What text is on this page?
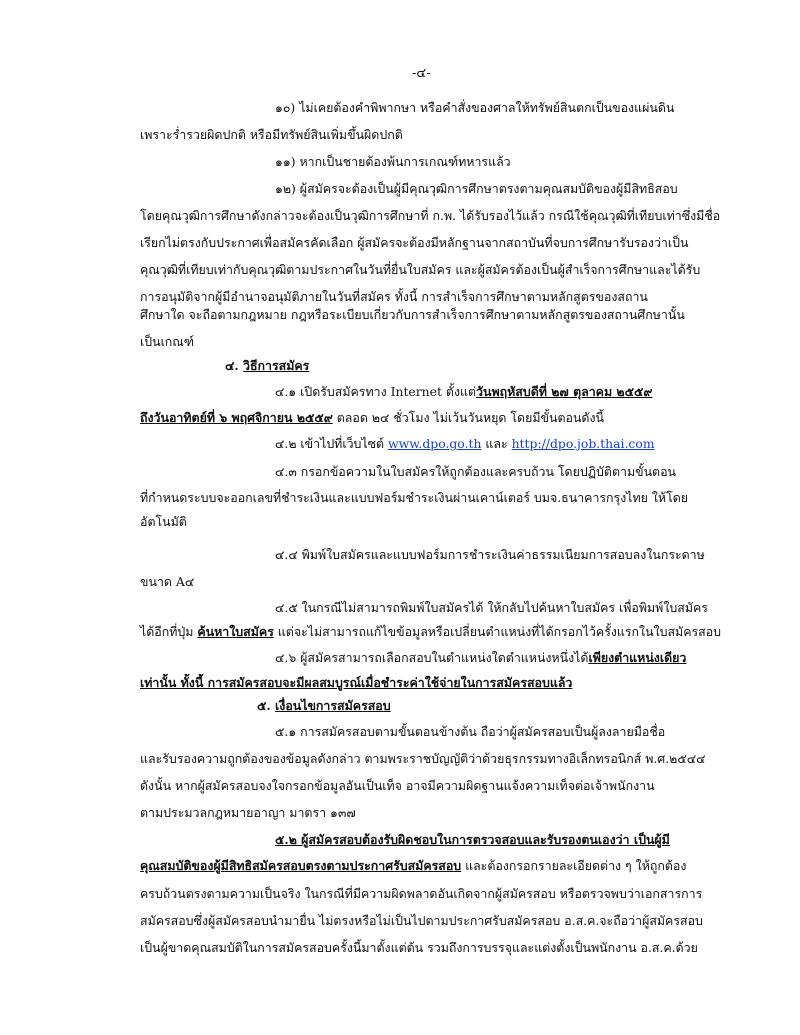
-๔-
๑๐) ไม่เคยต้องคำพิพากษา หรือคำสั่งของศาลให้ทรัพย์สินตกเป็นของแผ่นดิน
เพราะร่ำรวยผิดปกติ หรือมีทรัพย์สินเพิ่มขึ้นผิดปกติ
๑๑) หากเป็นชายต้องพ้นการเกณฑ์ทหารแล้ว
๑๒) ผู้สมัครจะต้องเป็นผู้มีคุณวุฒิการศึกษาตรงตามคุณสมบัติของผู้มีสิทธิสอบ
โดยคุณวุฒิการศึกษาดังกล่าวจะต้องเป็นวุฒิการศึกษาที่ ก.พ. ได้รับรองไว้แล้ว กรณีใช้คุณวุฒิที่เทียบเท่าซึ่งมีชื่อ
เรียกไม่ตรงกับประกาศเพื่อสมัครคัดเลือก ผู้สมัครจะต้องมีหลักฐานจากสถาบันที่จบการศึกษารับรองว่าเป็น
คุณวุฒิที่เทียบเท่ากับคุณวุฒิตามประกาศในวันที่ยื่นใบสมัคร และผู้สมัครต้องเป็นผู้สำเร็จการศึกษาและได้รับ
การอนุมัติจากผู้มีอำนาจอนุมัติภายในวันที่สมัคร ทั้งนี้ การสำเร็จการศึกษาตามหลักสูตรของสถาน
ศึกษาใด จะถือตามกฎหมาย กฎหรือระเบียบเกี่ยวกับการสำเร็จการศึกษาตามหลักสูตรของสถานศึกษานั้น
เป็นเกณฑ์
๔. วิธีการสมัคร
๔.๑ เปิดรับสมัครทาง Internet ตั้งแต่วันพฤหัสบดีที่ ๒๗ ตุลาคม ๒๕๕๙
ถึงวันอาทิตย์ที่ ๖ พฤศจิกายน ๒๕๕๙ ตลอด ๒๔ ชั่วโมง ไม่เว้นวันหยุด โดยมีขั้นตอนดังนี้
๔.๒ เข้าไปที่เว็บไซต์ www.dpo.go.th และ http://dpo.job.thai.com
๔.๓ กรอกข้อความในใบสมัครให้ถูกต้องและครบถ้วน โดยปฏิบัติตามขั้นตอน
ที่กำหนดระบบจะออกเลขที่ชำระเงินและแบบฟอร์มชำระเงินผ่านเคาน์เตอร์ บมจ.ธนาคารกรุงไทย ให้โดย
อัตโนมัติ
๔.๔ พิมพ์ใบสมัครและแบบฟอร์มการชำระเงินค่าธรรมเนียมการสอบลงในกระดาษ
ขนาด A๔
๔.๕ ในกรณีไม่สามารถพิมพ์ใบสมัครได้ ให้กลับไปค้นหาใบสมัคร เพื่อพิมพ์ใบสมัคร
ได้อีกที่ปุ่ม ค้นหาใบสมัคร แต่จะไม่สามารถแก้ไขข้อมูลหรือเปลี่ยนตำแหน่งที่ได้กรอกไว้ครั้งแรกในใบสมัครสอบ
๔.๖ ผู้สมัครสามารถเลือกสอบในตำแหน่งใดตำแหน่งหนึ่งได้เพียงตำแหน่งเดียว
เท่านั้น ทั้งนี้ การสมัครสอบจะมีผลสมบูรณ์เมื่อชำระค่าใช้จ่ายในการสมัครสอบแล้ว
๕. เงื่อนไขการสมัครสอบ
๕.๑ การสมัครสอบตามขั้นตอนข้างต้น ถือว่าผู้สมัครสอบเป็นผู้ลงลายมือชื่อ
และรับรองความถูกต้องของข้อมูลดังกล่าว ตามพระราชบัญญัติว่าด้วยธุรกรรมทางอิเล็กทรอนิกส์ พ.ศ.๒๕๔๔
ดังนั้น หากผู้สมัครสอบจงใจกรอกข้อมูลอันเป็นเท็จ อาจมีความผิดฐานแจ้งความเท็จต่อเจ้าพนักงาน
ตามประมวลกฎหมายอาญา มาตรา ๑๓๗
๕.๒ ผู้สมัครสอบต้องรับผิดชอบในการตรวจสอบและรับรองตนเองว่า เป็นผู้มี
คุณสมบัติของผู้มีสิทธิสมัครสอบตรงตามประกาศรับสมัครสอบ และต้องกรอกรายละเอียดต่าง ๆ ให้ถูกต้อง
ครบถ้วนตรงตามความเป็นจริง ในกรณีที่มีความผิดพลาดอันเกิดจากผู้สมัครสอบ หรือตรวจพบว่าเอกสารการ
สมัครสอบซึ่งผู้สมัครสอบนำมายื่น ไม่ตรงหรือไม่เป็นไปตามประกาศรับสมัครสอบ อ.ส.ค.จะถือว่าผู้สมัครสอบ
เป็นผู้ขาดคุณสมบัติในการสมัครสอบครั้งนี้มาตั้งแต่ต้น รวมถึงการบรรจุและแต่งตั้งเป็นพนักงาน อ.ส.ค.ด้วย
